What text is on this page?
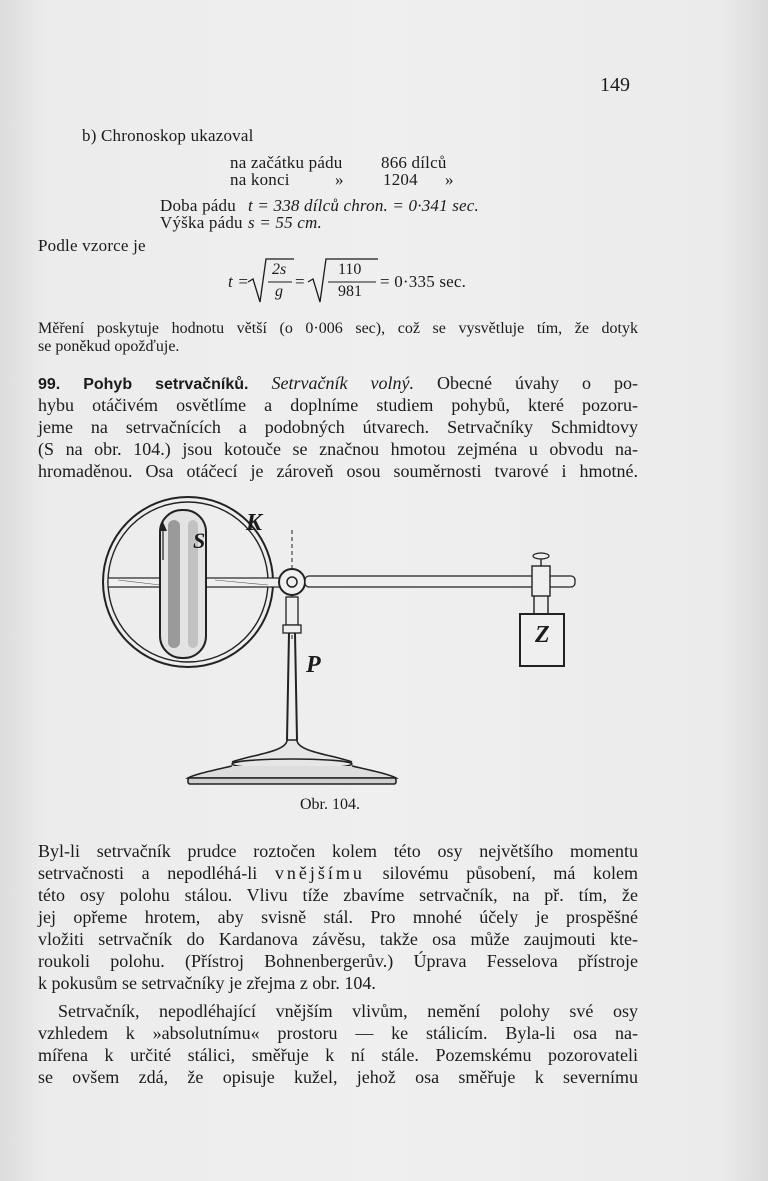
149
b) Chronoskop ukazoval
na začátku pádu 866 dílců
na konci	» 1204 »
Doba pádu t = 338 dílců chron. = 0·341 sec.
Výška pádu s = 55 cm.
Podle vzorce je
t =
2s
g
=
110
981
= 0·335 sec.
Měření poskytuje hodnotu větší (o 0·006 sec), což se vysvětluje tím, že dotyk
se poněkud opožďuje.
99. Pohyb setrvačníků. Setrvačník volný. Obecné úvahy o po-
hybu otáčivém osvětlíme a doplníme studiem pohybů, které pozoru-
jeme na setrvačnících a podobných útvarech. Setrvačníky Schmidtovy
(S na obr. 104.) jsou kotouče se značnou hmotou zejména u obvodu na-
hromaděnou. Osa otáčecí je zároveň osou souměrnosti tvarové i hmotné.
S
K
P
Z
Obr. 104.
Byl-li setrvačník prudce roztočen kolem této osy největšího momentu
setrvačnosti a nepodléhá-li vnějšímu silovému působení, má kolem
této osy polohu stálou. Vlivu tíže zbavíme setrvačník, na př. tím, že
jej opřeme hrotem, aby svisně stál. Pro mnohé účely je prospěšné
vložiti setrvačník do Kardanova závěsu, takže osa může zaujmouti kte-
roukoli polohu. (Přístroj Bohnenbergerův.) Úprava Fesselova přístroje
k pokusům se setrvačníky je zřejma z obr. 104.
Setrvačník, nepodléhající vnějším vlivům, nemění polohy své osy
vzhledem k »absolutnímu« prostoru — ke stálicím. Byla-li osa na-
mířena k určité stálici, směřuje k ní stále. Pozemskému pozorovateli
se ovšem zdá, že opisuje kužel, jehož osa směřuje k severnímu
